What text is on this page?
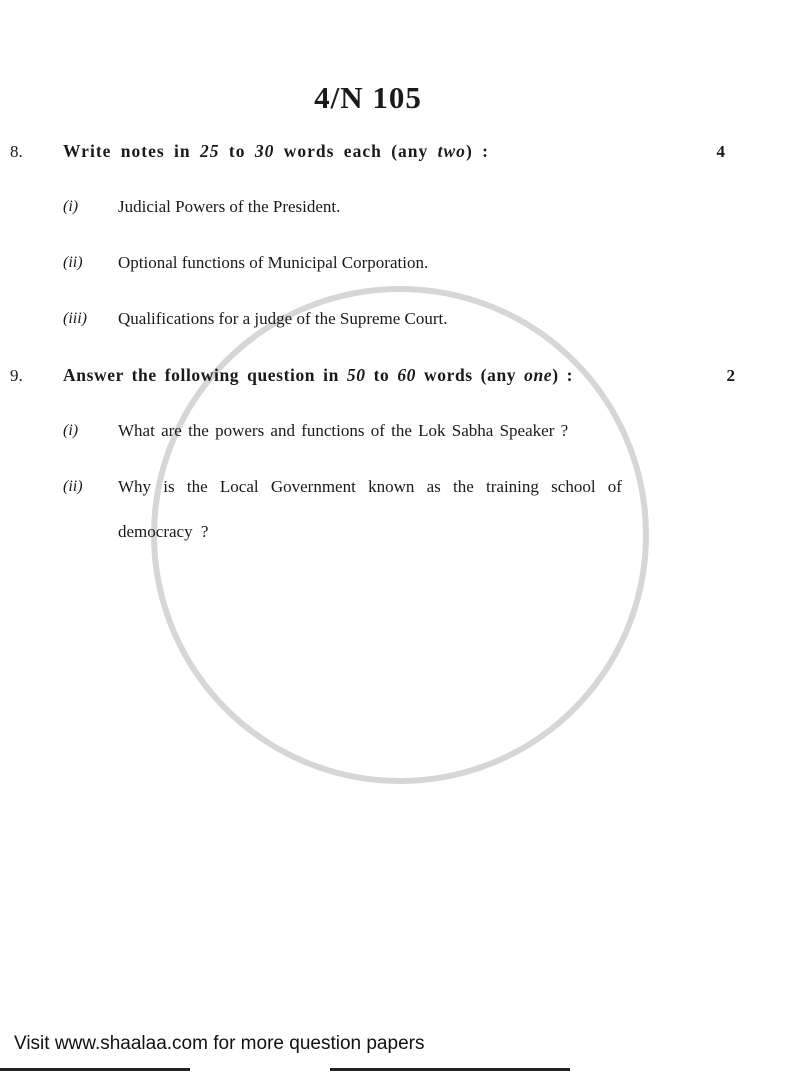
4/N 105
8. Write notes in 25 to 30 words each (any two) :	4
(i) Judicial Powers of the President.
(ii) Optional functions of Municipal Corporation.
(iii) Qualifications for a judge of the Supreme Court.
9. Answer the following question in 50 to 60 words (any one) :	2
(i) What are the powers and functions of the Lok Sabha Speaker ?
(ii) Why is the Local Government known as the training school of
democracy ?
Visit www.shaalaa.com for more question papers
